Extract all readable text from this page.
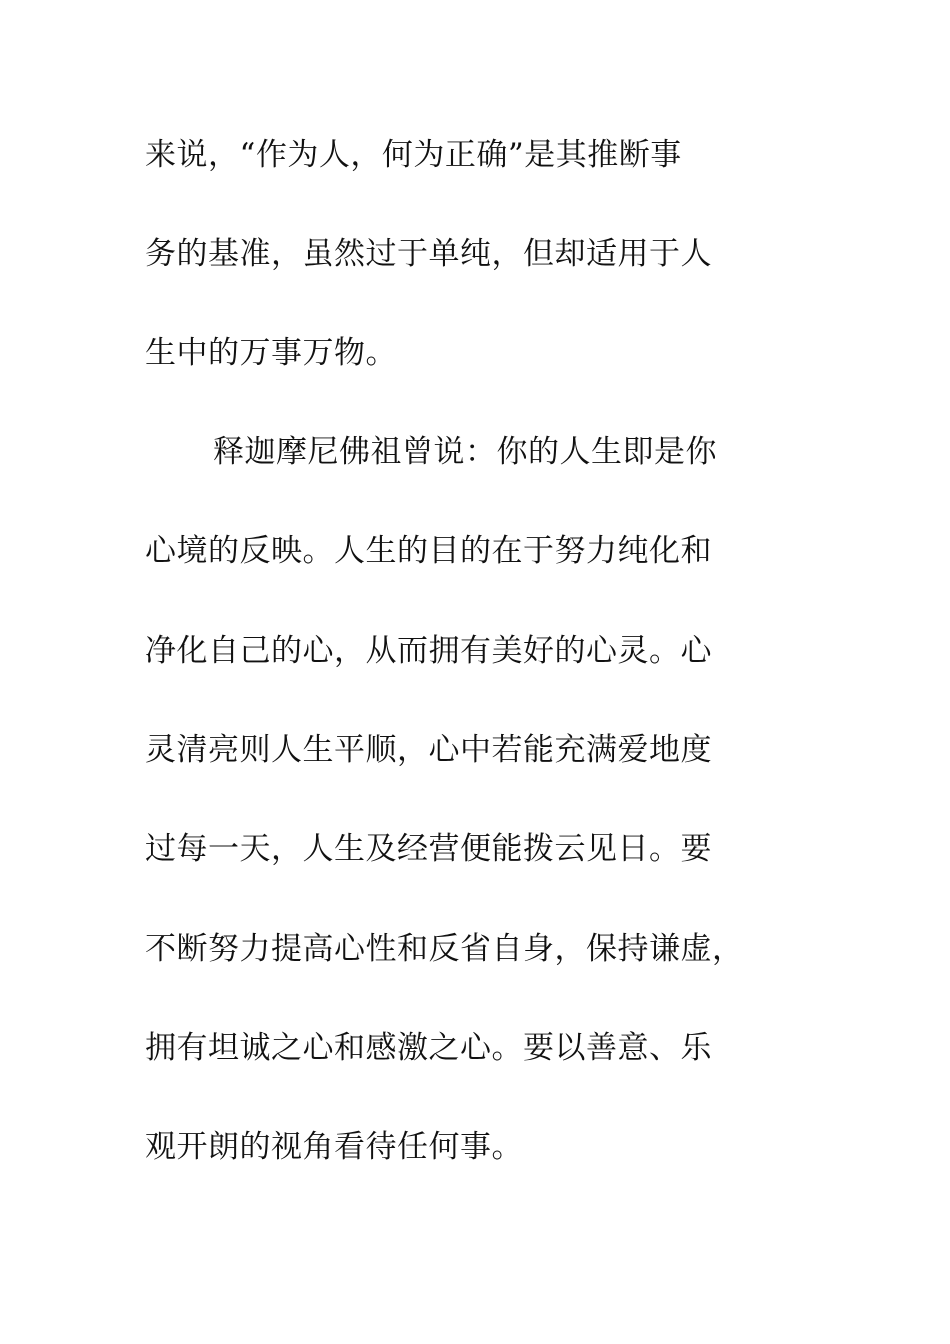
来说，“作为人，何为正确”是其推断事
务的基准，虽然过于单纯，但却适用于人
生中的万事万物。
释迦摩尼佛祖曾说：你的人生即是你
心境的反映。人生的目的在于努力纯化和
净化自己的心，从而拥有美好的心灵。心
灵清亮则人生平顺，心中若能充满爱地度
过每一天，人生及经营便能拨云见日。要
不断努力提高心性和反省自身，保持谦虚，
拥有坦诚之心和感激之心。要以善意、乐
观开朗的视角看待任何事。
